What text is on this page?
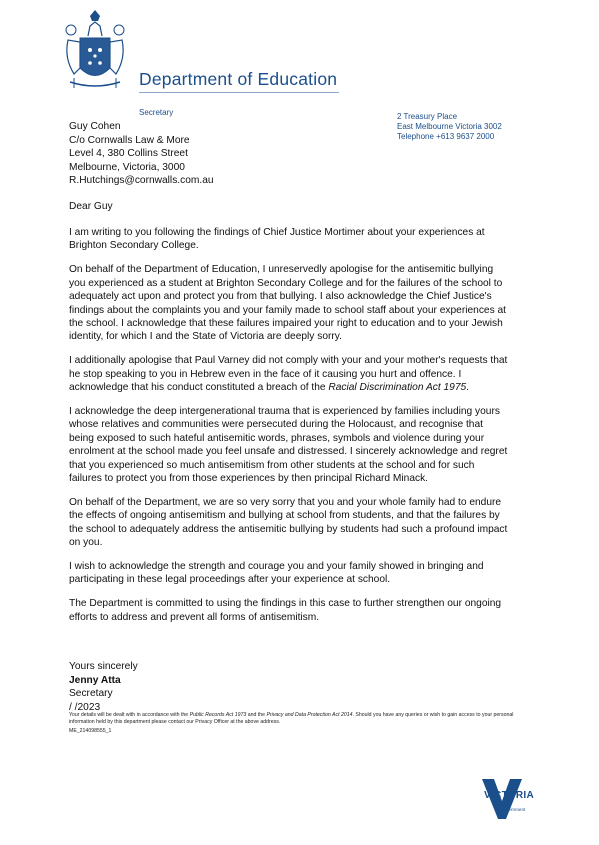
Department of Education
Secretary	2 Treasury Place
East Melbourne Victoria 3002
Telephone +613 9637 2000
Guy Cohen
C/o Cornwalls Law & More
Level 4, 380 Collins Street
Melbourne, Victoria, 3000
R.Hutchings@cornwalls.com.au
Dear Guy

I am writing to you following the findings of Chief Justice Mortimer about your experiences at Brighton Secondary College.

On behalf of the Department of Education, I unreservedly apologise for the antisemitic bullying you experienced as a student at Brighton Secondary College and for the failures of the school to adequately act upon and protect you from that bullying. I also acknowledge the Chief Justice's findings about the complaints you and your family made to school staff about your experiences at the school. I acknowledge that these failures impaired your right to education and to your Jewish identity, for which I and the State of Victoria are deeply sorry.

I additionally apologise that Paul Varney did not comply with your and your mother's requests that he stop speaking to you in Hebrew even in the face of it causing you hurt and offence. I acknowledge that his conduct constituted a breach of the Racial Discrimination Act 1975.

I acknowledge the deep intergenerational trauma that is experienced by families including yours whose relatives and communities were persecuted during the Holocaust, and recognise that being exposed to such hateful antisemitic words, phrases, symbols and violence during your enrolment at the school made you feel unsafe and distressed. I sincerely acknowledge and regret that you experienced so much antisemitism from other students at the school and for such failures to protect you from those experiences by then principal Richard Minack.

On behalf of the Department, we are so very sorry that you and your whole family had to endure the effects of ongoing antisemitism and bullying at school from students, and that the failures by the school to adequately address the antisemitic bullying by students had such a profound impact on you.

I wish to acknowledge the strength and courage you and your family showed in bringing and participating in these legal proceedings after your experience at school.

The Department is committed to using the findings in this case to further strengthen our ongoing efforts to address and prevent all forms of antisemitism.

Yours sincerely
Jenny Atta
Secretary
/ /2023
Your details will be dealt with in accordance with the Public Records Act 1973 and the Privacy and Data Protection Act 2014. Should you have any queries or wish to gain access to your personal information held by this department please contact our Privacy Officer at the above address.
ME_214098555_1
VICTORIA
State
Government
